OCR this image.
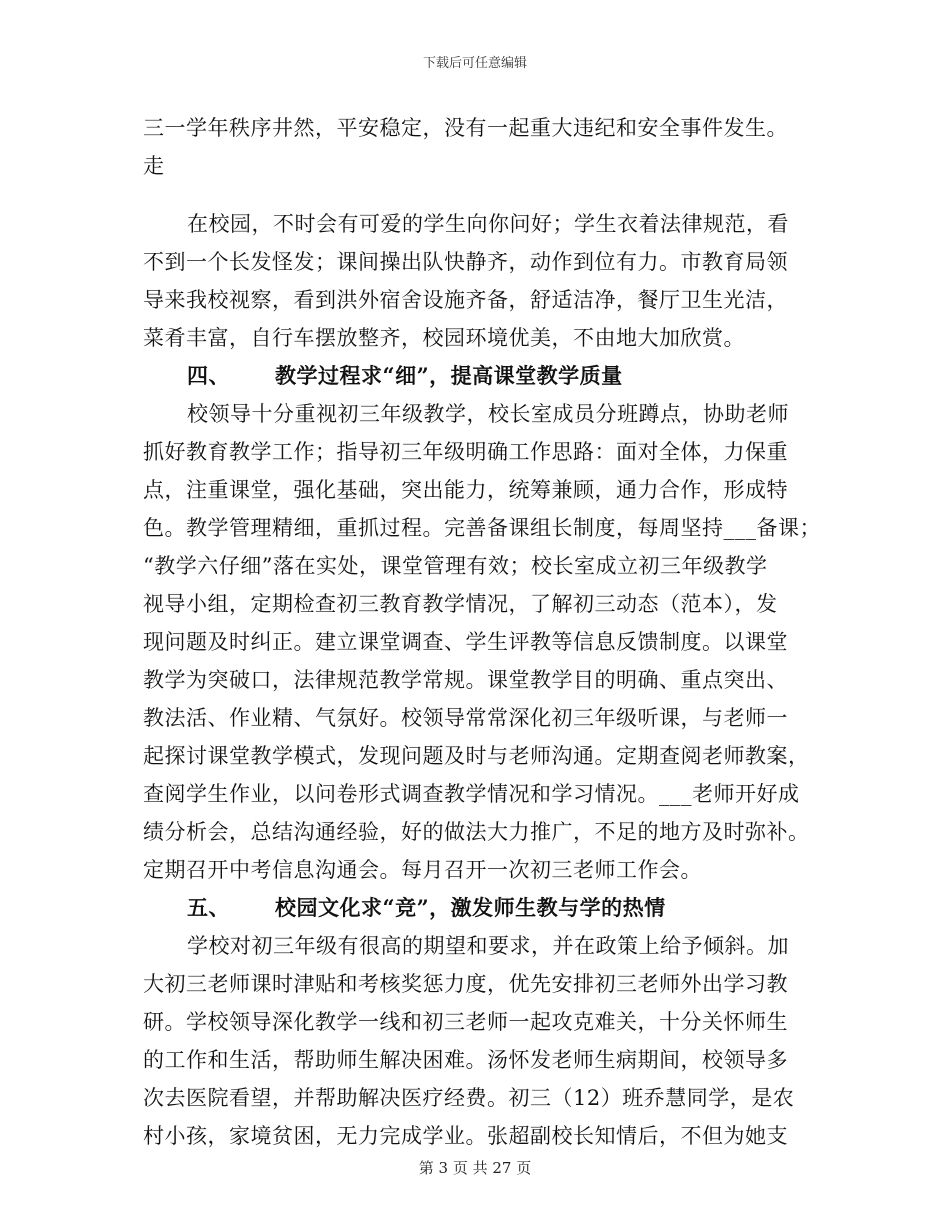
下载后可任意编辑
三一学年秩序井然，平安稳定，没有一起重大违纪和安全事件发生。
走
在校园，不时会有可爱的学生向你问好；学生衣着法律规范，看
不到一个长发怪发；课间操出队快静齐，动作到位有力。市教育局领
导来我校视察，看到洪外宿舍设施齐备，舒适洁净，餐厅卫生光洁，
菜肴丰富，自行车摆放整齐，校园环境优美，不由地大加欣赏。
四、 教学过程求“细”，提高课堂教学质量
校领导十分重视初三年级教学，校长室成员分班蹲点，协助老师
抓好教育教学工作；指导初三年级明确工作思路：面对全体，力保重
点，注重课堂，强化基础，突出能力，统筹兼顾，通力合作，形成特
色。教学管理精细，重抓过程。完善备课组长制度，每周坚持___备课；
“教学六仔细”落在实处，课堂管理有效；校长室成立初三年级教学
视导小组，定期检查初三教育教学情况，了解初三动态（范本），发
现问题及时纠正。建立课堂调查、学生评教等信息反馈制度。以课堂
教学为突破口，法律规范教学常规。课堂教学目的明确、重点突出、
教法活、作业精、气氛好。校领导常常深化初三年级听课，与老师一
起探讨课堂教学模式，发现问题及时与老师沟通。定期查阅老师教案，
查阅学生作业，以问卷形式调查教学情况和学习情况。___老师开好成
绩分析会，总结沟通经验，好的做法大力推广，不足的地方及时弥补。
定期召开中考信息沟通会。每月召开一次初三老师工作会。
五、 校园文化求“竞”，激发师生教与学的热情
学校对初三年级有很高的期望和要求，并在政策上给予倾斜。加
大初三老师课时津贴和考核奖惩力度，优先安排初三老师外出学习教
研。学校领导深化教学一线和初三老师一起攻克难关，十分关怀师生
的工作和生活，帮助师生解决困难。汤怀发老师生病期间，校领导多
次去医院看望，并帮助解决医疗经费。初三（12）班乔慧同学，是农
村小孩，家境贫困，无力完成学业。张超副校长知情后，不但为她支
第 3 页 共 27 页
